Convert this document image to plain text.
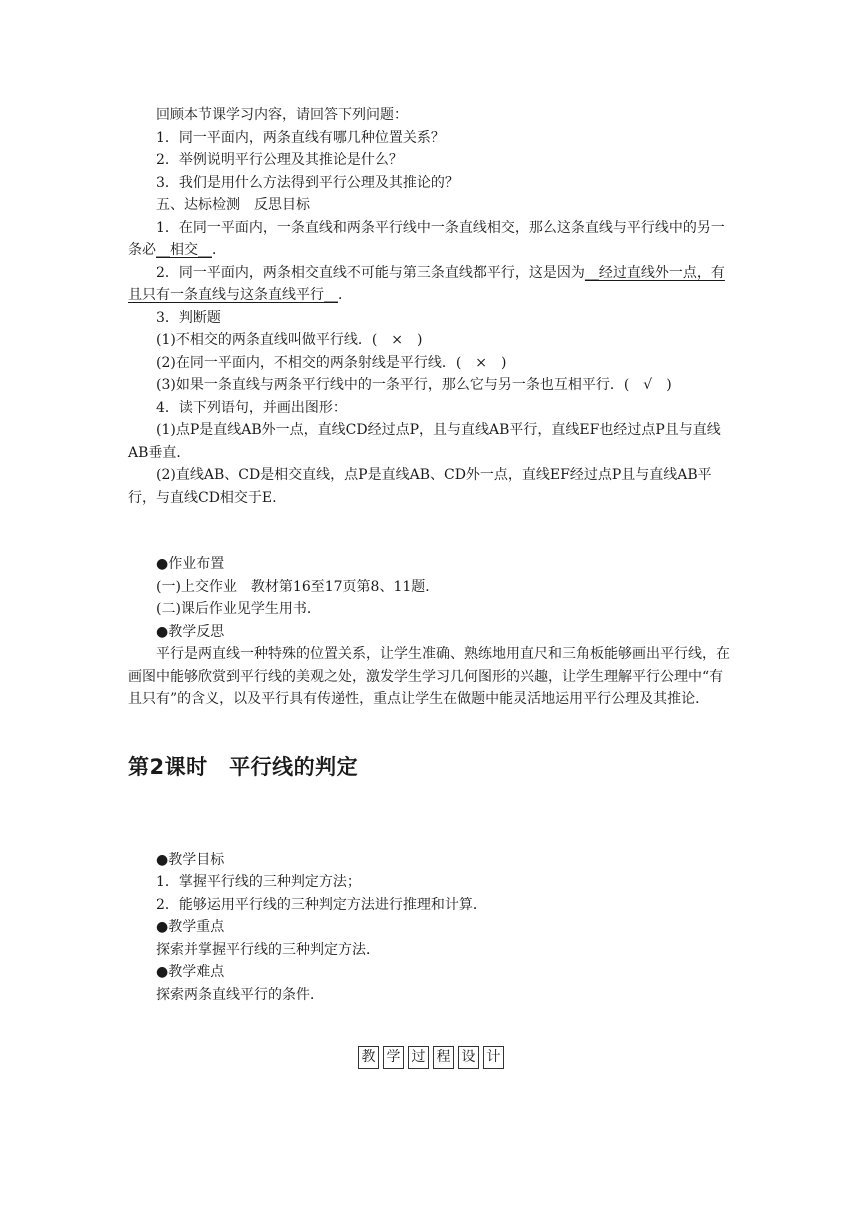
回顾本节课学习内容，请回答下列问题：

1．同一平面内，两条直线有哪几种位置关系？

2．举例说明平行公理及其推论是什么？

3．我们是用什么方法得到平行公理及其推论的？

五、达标检测　反思目标

1．在同一平面内，一条直线和两条平行线中一条直线相交，那么这条直线与平行线中的另一条必__相交__．

2．同一平面内，两条相交直线不可能与第三条直线都平行，这是因为__经过直线外一点，有且只有一条直线与这条直线平行__．

3．判断题

(1)不相交的两条直线叫做平行线．(　×　)

(2)在同一平面内，不相交的两条射线是平行线．(　×　)

(3)如果一条直线与两条平行线中的一条平行，那么它与另一条也互相平行．(　√　)

4．读下列语句，并画出图形：

(1)点P是直线AB外一点，直线CD经过点P，且与直线AB平行，直线EF也经过点P且与直线AB垂直．

(2)直线AB、CD是相交直线，点P是直线AB、CD外一点，直线EF经过点P且与直线AB平行，与直线CD相交于E.

●作业布置

(一)上交作业　教材第16至17页第8、11题．

(二)课后作业见学生用书．

●教学反思

平行是两直线一种特殊的位置关系，让学生准确、熟练地用直尺和三角板能够画出平行线，在画图中能够欣赏到平行线的美观之处，激发学生学习几何图形的兴趣，让学生理解平行公理中“有且只有”的含义，以及平行具有传递性，重点让学生在做题中能灵活地运用平行公理及其推论．

第2课时　平行线的判定

●教学目标

1．掌握平行线的三种判定方法；

2．能够运用平行线的三种判定方法进行推理和计算．

●教学重点

探索并掌握平行线的三种判定方法．

●教学难点

探索两条直线平行的条件．

教 学 过 程 设 计
